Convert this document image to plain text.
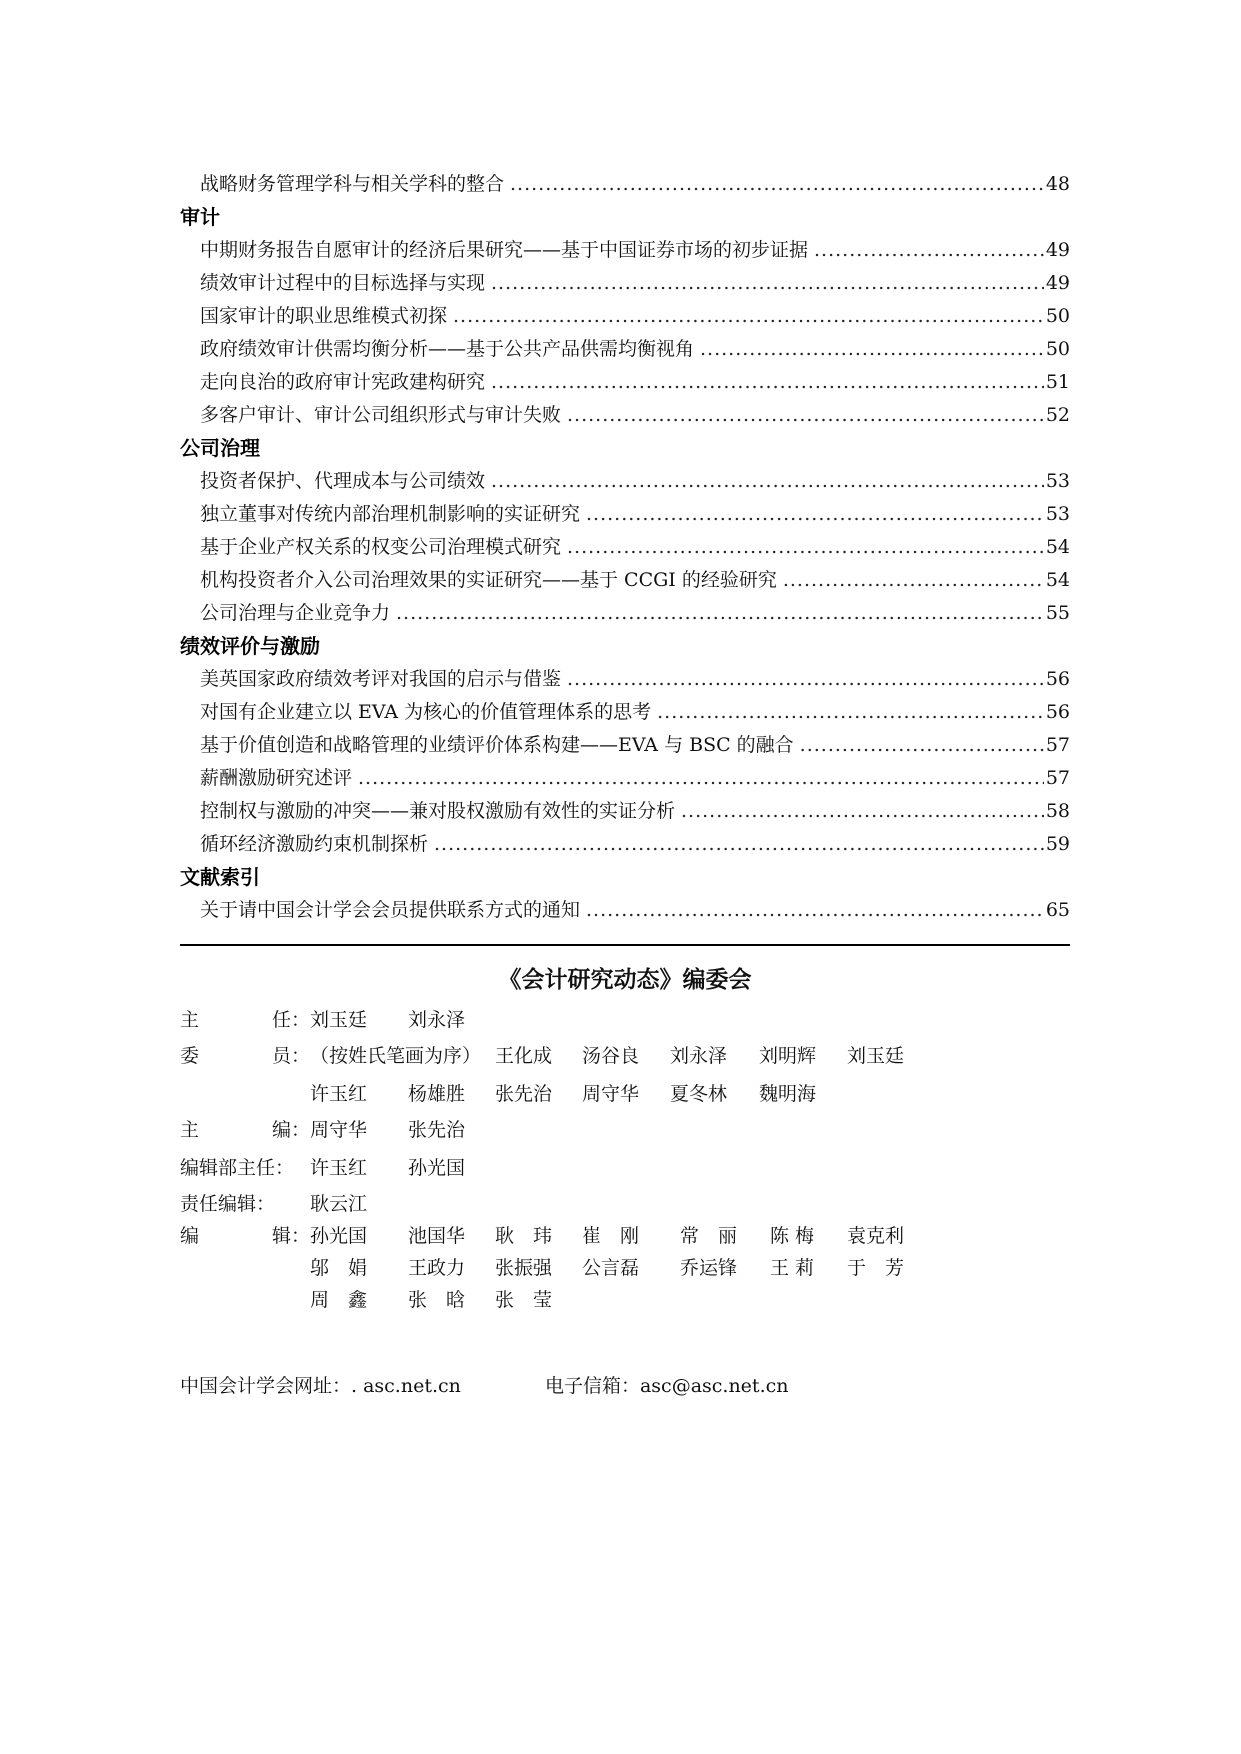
战略财务管理学科与相关学科的整合 .....	48
审计
中期财务报告自愿审计的经济后果研究——基于中国证券市场的初步证据 .....	49
绩效审计过程中的目标选择与实现 .....	49
国家审计的职业思维模式初探 .....	50
政府绩效审计供需均衡分析——基于公共产品供需均衡视角 .....	50
走向良治的政府审计宪政建构研究 .....	51
多客户审计、审计公司组织形式与审计失败 .....	52
公司治理
投资者保护、代理成本与公司绩效 .....	53
独立董事对传统内部治理机制影响的实证研究 .....	53
基于企业产权关系的权变公司治理模式研究 .....	54
机构投资者介入公司治理效果的实证研究——基于 CCGI 的经验研究 .....	54
公司治理与企业竞争力 .....	55
绩效评价与激励
美英国家政府绩效考评对我国的启示与借鉴 .....	56
对国有企业建立以 EVA 为核心的价值管理体系的思考 .....	56
基于价值创造和战略管理的业绩评价体系构建——EVA 与 BSC 的融合 .....	57
薪酬激励研究述评 .....	57
控制权与激励的冲突——兼对股权激励有效性的实证分析 .....	58
循环经济激励约束机制探析 .....	59
文献索引
关于请中国会计学会会员提供联系方式的通知 .....	65
《会计研究动态》编委会
主	任： 刘玉廷 刘永泽
委	员： （按姓氏笔画为序） 王化成 汤谷良 刘永泽 刘明辉 刘玉廷
许玉红 杨雄胜 张先治 周守华 夏冬林 魏明海
主	编： 周守华 张先治
编辑部主任： 许玉红 孙光国
责任编辑： 耿云江
编	辑： 孙光国 池国华 耿　玮 崔　刚 常　丽 陈 梅 袁克利
邬　娟 王政力 张振强 公言磊 乔运锋 王 莉 于　芳
周　鑫 张　晗 张　莹
中国会计学会网址：. asc.net.cn	电子信箱：asc@asc.net.cn
